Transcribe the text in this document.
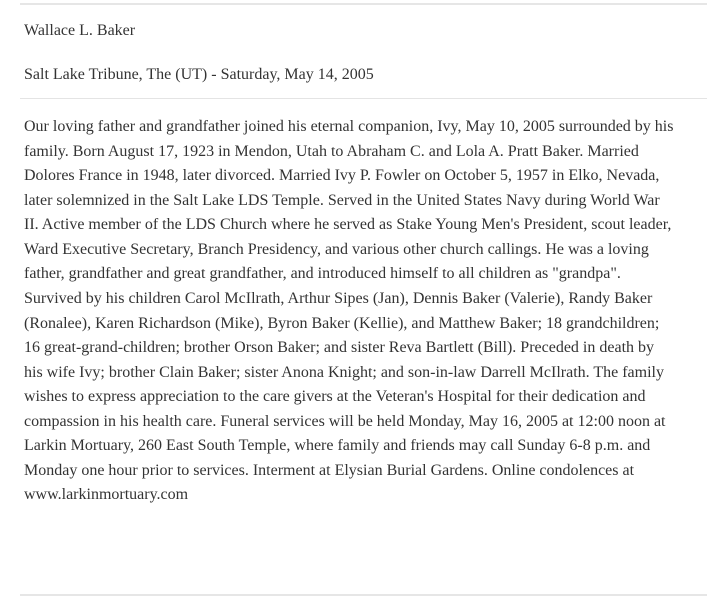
Wallace L. Baker
Salt Lake Tribune, The (UT) - Saturday, May 14, 2005
Our loving father and grandfather joined his eternal companion, Ivy, May 10, 2005 surrounded by his
family. Born August 17, 1923 in Mendon, Utah to Abraham C. and Lola A. Pratt Baker. Married
Dolores France in 1948, later divorced. Married Ivy P. Fowler on October 5, 1957 in Elko, Nevada,
later solemnized in the Salt Lake LDS Temple. Served in the United States Navy during World War
II. Active member of the LDS Church where he served as Stake Young Men's President, scout leader,
Ward Executive Secretary, Branch Presidency, and various other church callings. He was a loving
father, grandfather and great grandfather, and introduced himself to all children as "grandpa".
Survived by his children Carol McIlrath, Arthur Sipes (Jan), Dennis Baker (Valerie), Randy Baker
(Ronalee), Karen Richardson (Mike), Byron Baker (Kellie), and Matthew Baker; 18 grandchildren;
16 great-grand-children; brother Orson Baker; and sister Reva Bartlett (Bill). Preceded in death by
his wife Ivy; brother Clain Baker; sister Anona Knight; and son-in-law Darrell McIlrath. The family
wishes to express appreciation to the care givers at the Veteran's Hospital for their dedication and
compassion in his health care. Funeral services will be held Monday, May 16, 2005 at 12:00 noon at
Larkin Mortuary, 260 East South Temple, where family and friends may call Sunday 6-8 p.m. and
Monday one hour prior to services. Interment at Elysian Burial Gardens. Online condolences at
www.larkinmortuary.com
